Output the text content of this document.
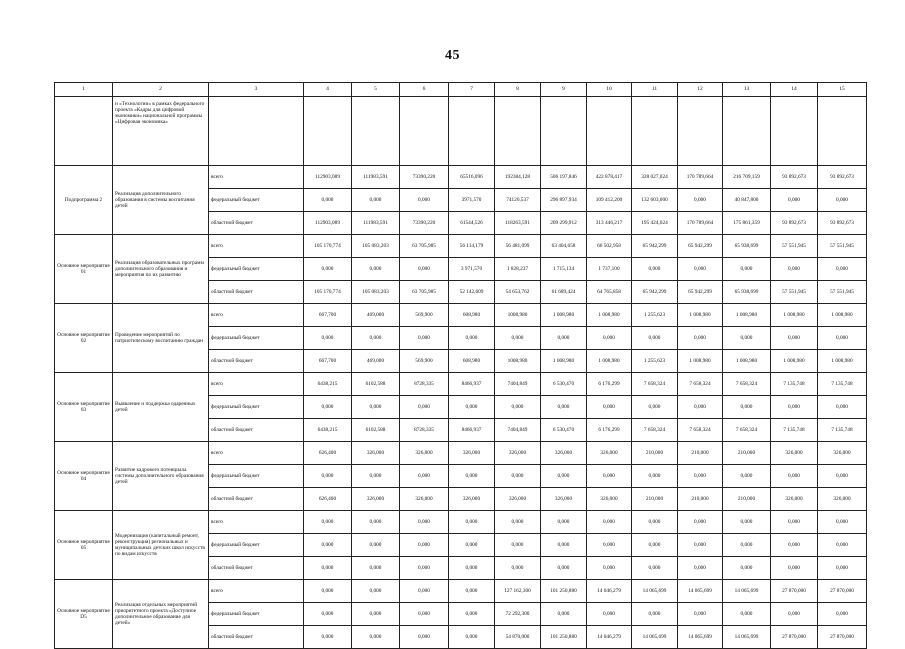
45
1	2	3	4	5	6	7	8	9	10	11	12	13	14	15
	и «Технологии» в рамках федерального проекта «Кадры для цифровой экономики» национальной программы «Цифровая экономика»													
Подпрограмма 2	Реализация дополнительного образования в системы воспитания детей	всего	112903,089	111983,591	73390,220	65516,096	192384,128	506 197,846	422 878,417	328 027,024	170 789,664	216 709,159	93 892,673	93 892,673
		федеральный бюджет	0,000	0,000	0,000	3971,570	74120,537	296 897,934	109 412,200	132 603,000	0,000	40 847,800	0,000	0,000
		областной бюджет	112903,089	111983,591	73390,220	61544,526	118263,591	209 299,912	313 446,217	195 424,024	170 789,664	175 861,359	93 892,673	93 892,673
Основное мероприятие 01	Реализация образовательных программ дополнительного образования и мероприятия по их развитию	всего	105 170,774	105 083,203	63 705,985	56 114,179	56 481,099	63 404,658	66 502,958	65 942,299	65 942,299	65 938,699	57 551,945	57 551,945
		федеральный бюджет	0,000	0,000	0,000	3 971,570	1 828,237	1 715,134	1 737,100	0,000	0,000	0,000	0,000	0,000
		областной бюджет	105 170,774	105 083,203	63 705,985	52 142,609	54 653,762	61 689,424	64 765,858	65 942,299	65 942,299	65 938,699	57 551,945	57 551,945
Основное мероприятие 02	Проведение мероприятий по патриотическому воспитанию граждан	всего	667,700	469,000	569,900	608,980	1008,980	1 008,980	1 008,980	1 255,623	1 008,980	1 008,980	1 008,980	1 008,980
		федеральный бюджет	0,000	0,000	0,000	0,000	0,000	0,000	0,000	0,000	0,000	0,000	0,000	0,000
		областной бюджет	667,700	469,000	569,900	608,980	1008,980	1 008,980	1 008,980	1 255,623	1 008,980	1 008,980	1 008,980	1 008,980
Основное мероприятие 03	Выявление и поддержка одаренных детей	всего	6438,215	6102,588	8728,335	8466,937	7404,849	6 530,470	6 176,299	7 658,324	7 658,324	7 658,324	7 135,748	7 135,748
		федеральный бюджет	0,000	0,000	0,000	0,000	0,000	0,000	0,000	0,000	0,000	0,000	0,000	0,000
		областной бюджет	6438,215	6102,588	8728,335	8466,937	7404,849	6 530,470	6 176,299	7 658,324	7 658,324	7 658,324	7 135,748	7 135,748
Основное мероприятие 04	Развитие кадрового потенциала системы дополнительного образования детей	всего	626,400	326,000	326,000	326,000	326,000	326,000	326,000	210,000	210,000	210,000	326,000	326,000
		федеральный бюджет	0,000	0,000	0,000	0,000	0,000	0,000	0,000	0,000	0,000	0,000	0,000	0,000
		областной бюджет	626,400	326,000	326,000	326,000	326,000	326,000	326,000	210,000	210,000	210,000	326,000	326,000
Основное мероприятие 05	Модернизация (капитальный ремонт, реконструкция) региональных и муниципальных детских школ искусств по видам искусств	всего	0,000	0,000	0,000	0,000	0,000	0,000	0,000	0,000	0,000	0,000	0,000	0,000
		федеральный бюджет	0,000	0,000	0,000	0,000	0,000	0,000	0,000	0,000	0,000	0,000	0,000	0,000
		областной бюджет	0,000	0,000	0,000	0,000	0,000	0,000	0,000	0,000	0,000	0,000	0,000	0,000
Основное мероприятие D5	Реализация отдельных мероприятий приоритетного проекта «Доступное дополнительное образование для детей»	всего	0,000	0,000	0,000	0,000	127 162,300	101 250,880	14 046,279	14 065,699	14 065,699	14 065,699	27 870,000	27 870,000
		федеральный бюджет	0,000	0,000	0,000	0,000	72 292,300	0,000	0,000	0,000	0,000	0,000	0,000	0,000
		областной бюджет	0,000	0,000	0,000	0,000	54 870,000	101 250,880	14 046,279	14 065,699	14 065,699	14 065,699	27 870,000	27 870,000
